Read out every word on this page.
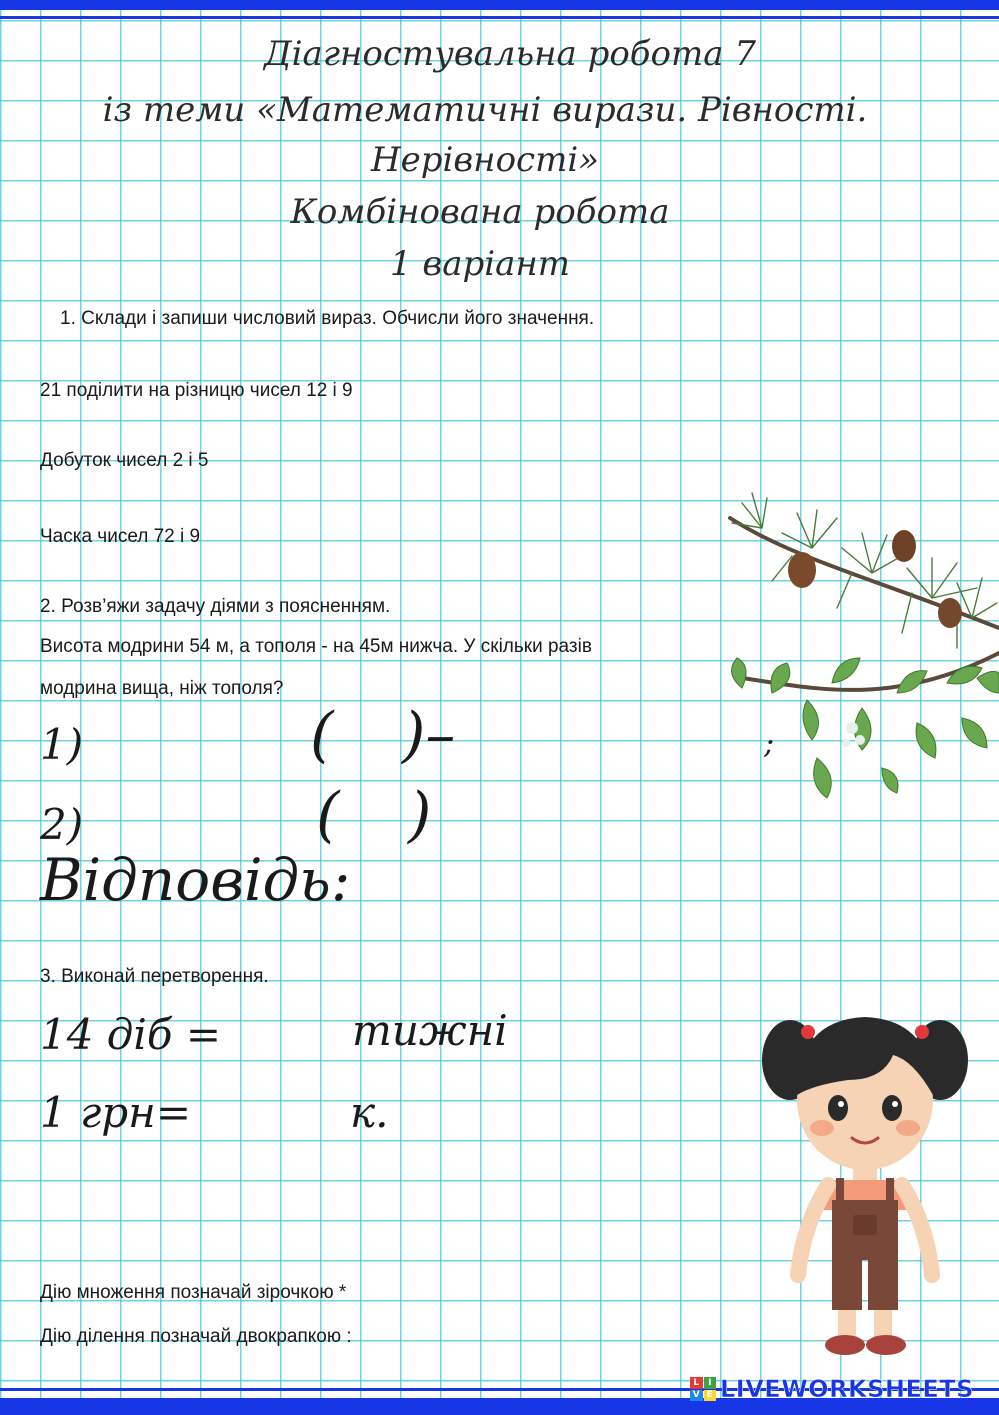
Діагностувальна робота 7
із теми «Математичні вирази. Рівності.
Нерівності»
Комбінована робота
1 варіант
1. Склади і запиши числовий вираз. Обчисли його значення.
21 поділити на різницю чисел 12 і 9
Добуток чисел 2 і 5
Часка чисел 72 і 9
2. Розв’яжи задачу діями з поясненням.
Висота модрини 54 м, а тополя - на 45м нижча. У скільки разів
модрина вища, ніж тополя?
1)	( )–	;
2)	( )
Відповідь:
3. Виконай перетворення.
14 діб =	тижні
1 грн=	к.
Дію множення позначай зірочкою *
Дію ділення позначай двокрапкою :
L I
V E LIVEWORKSHEETS
